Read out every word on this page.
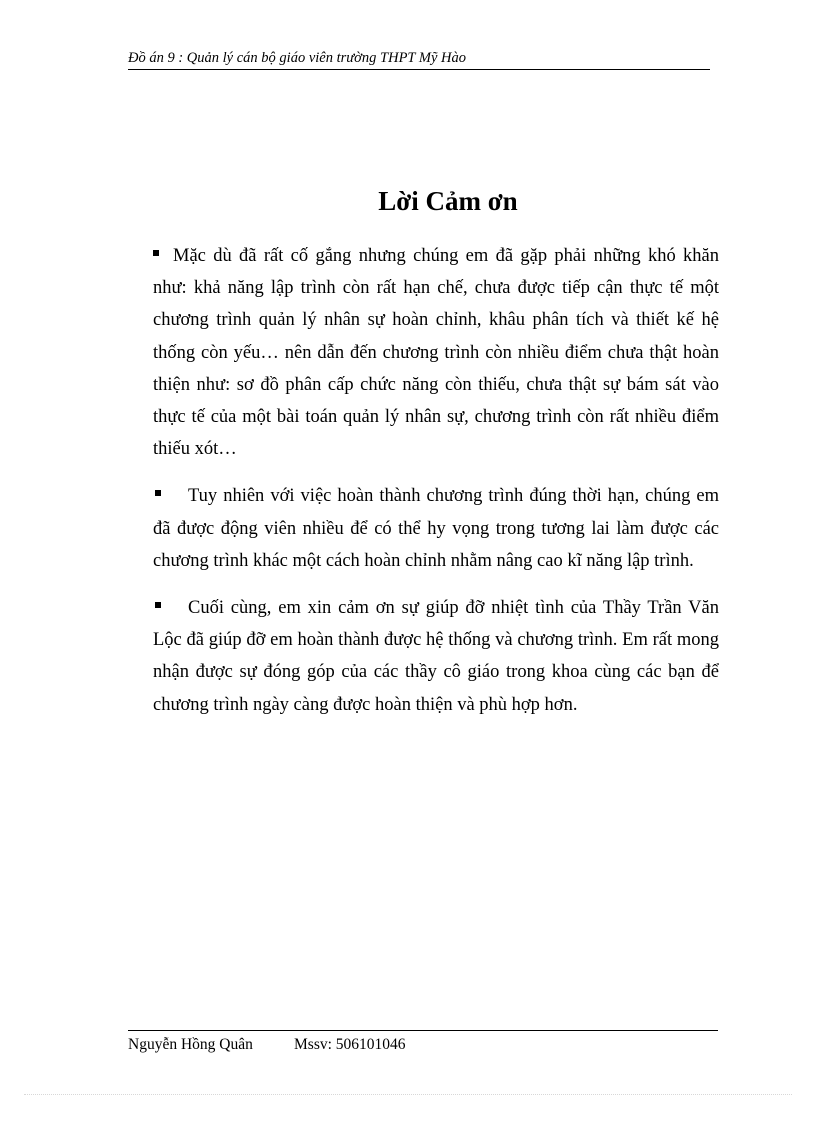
Đồ án 9 : Quản lý cán bộ giáo viên trường THPT Mỹ Hào
Lời Cảm ơn

Mặc dù đã rất cố gắng nhưng chúng em đã gặp phải những khó khăn như: khả năng lập trình còn rất hạn chế, chưa được tiếp cận thực tế một chương trình quản lý nhân sự hoàn chỉnh, khâu phân tích và thiết kế hệ thống còn yếu… nên dẫn đến chương trình còn nhiều điểm chưa thật hoàn thiện như: sơ đồ phân cấp chức năng còn thiếu, chưa thật sự bám sát vào thực tế của một bài toán quản lý nhân sự, chương trình còn rất nhiều điểm thiếu xót…

Tuy nhiên với việc hoàn thành chương trình đúng thời hạn, chúng em đã được động viên nhiều để có thể hy vọng trong tương lai làm được các chương trình khác một cách hoàn chỉnh nhằm nâng cao kĩ năng lập trình.

Cuối cùng, em xin cảm ơn sự giúp đỡ nhiệt tình của Thầy Trần Văn Lộc đã giúp đỡ em hoàn thành được hệ thống và chương trình. Em rất mong nhận được sự đóng góp của các thầy cô giáo trong khoa cùng các bạn để chương trình ngày càng được hoàn thiện và phù hợp hơn.

Nguyễn Hồng Quân	Mssv: 506101046
